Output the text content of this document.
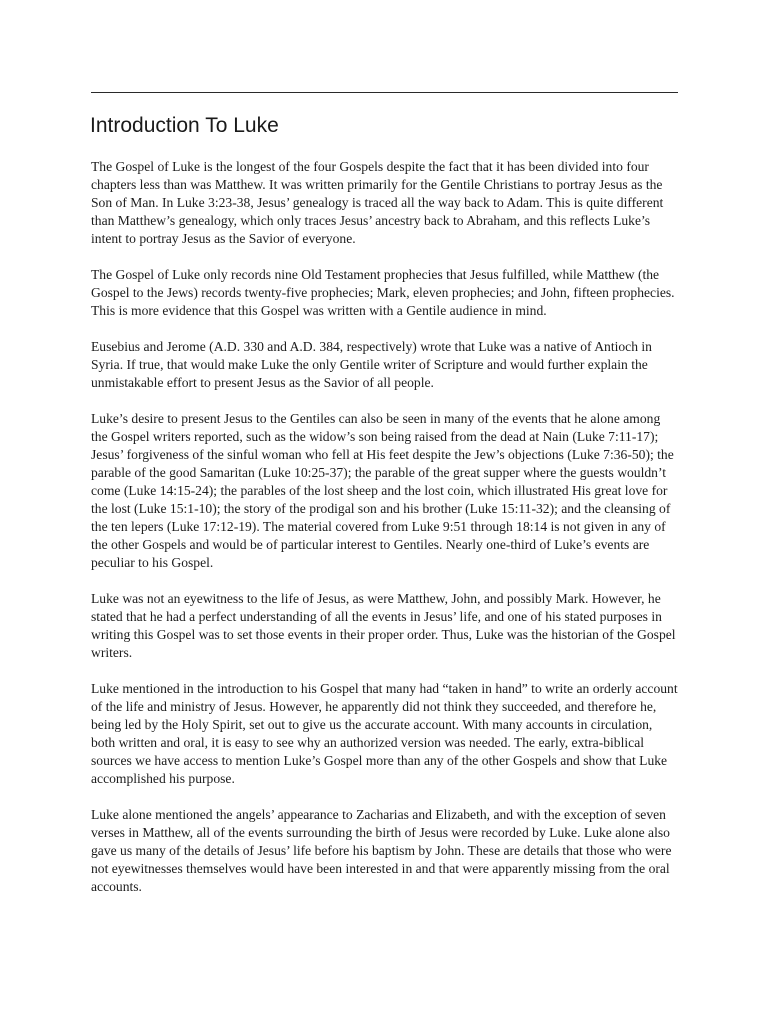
Introduction To Luke

The Gospel of Luke is the longest of the four Gospels despite the fact that it has been divided into four chapters less than was Matthew. It was written primarily for the Gentile Christians to portray Jesus as the Son of Man. In Luke 3:23-38, Jesus’ genealogy is traced all the way back to Adam. This is quite different than Matthew’s genealogy, which only traces Jesus’ ancestry back to Abraham, and this reflects Luke’s intent to portray Jesus as the Savior of everyone.

The Gospel of Luke only records nine Old Testament prophecies that Jesus fulfilled, while Matthew (the Gospel to the Jews) records twenty-five prophecies; Mark, eleven prophecies; and John, fifteen prophecies. This is more evidence that this Gospel was written with a Gentile audience in mind.

Eusebius and Jerome (A.D. 330 and A.D. 384, respectively) wrote that Luke was a native of Antioch in Syria. If true, that would make Luke the only Gentile writer of Scripture and would further explain the unmistakable effort to present Jesus as the Savior of all people.

Luke’s desire to present Jesus to the Gentiles can also be seen in many of the events that he alone among the Gospel writers reported, such as the widow’s son being raised from the dead at Nain (Luke 7:11-17); Jesus’ forgiveness of the sinful woman who fell at His feet despite the Jew’s objections (Luke 7:36-50); the parable of the good Samaritan (Luke 10:25-37); the parable of the great supper where the guests wouldn’t come (Luke 14:15-24); the parables of the lost sheep and the lost coin, which illustrated His great love for the lost (Luke 15:1-10); the story of the prodigal son and his brother (Luke 15:11-32); and the cleansing of the ten lepers (Luke 17:12-19). The material covered from Luke 9:51 through 18:14 is not given in any of the other Gospels and would be of particular interest to Gentiles. Nearly one-third of Luke’s events are peculiar to his Gospel.

Luke was not an eyewitness to the life of Jesus, as were Matthew, John, and possibly Mark. However, he stated that he had a perfect understanding of all the events in Jesus’ life, and one of his stated purposes in writing this Gospel was to set those events in their proper order. Thus, Luke was the historian of the Gospel writers.

Luke mentioned in the introduction to his Gospel that many had “taken in hand” to write an orderly account of the life and ministry of Jesus. However, he apparently did not think they succeeded, and therefore he, being led by the Holy Spirit, set out to give us the accurate account. With many accounts in circulation, both written and oral, it is easy to see why an authorized version was needed. The early, extra-biblical sources we have access to mention Luke’s Gospel more than any of the other Gospels and show that Luke accomplished his purpose.

Luke alone mentioned the angels’ appearance to Zacharias and Elizabeth, and with the exception of seven verses in Matthew, all of the events surrounding the birth of Jesus were recorded by Luke. Luke alone also gave us many of the details of Jesus’ life before his baptism by John. These are details that those who were not eyewitnesses themselves would have been interested in and that were apparently missing from the oral accounts.
